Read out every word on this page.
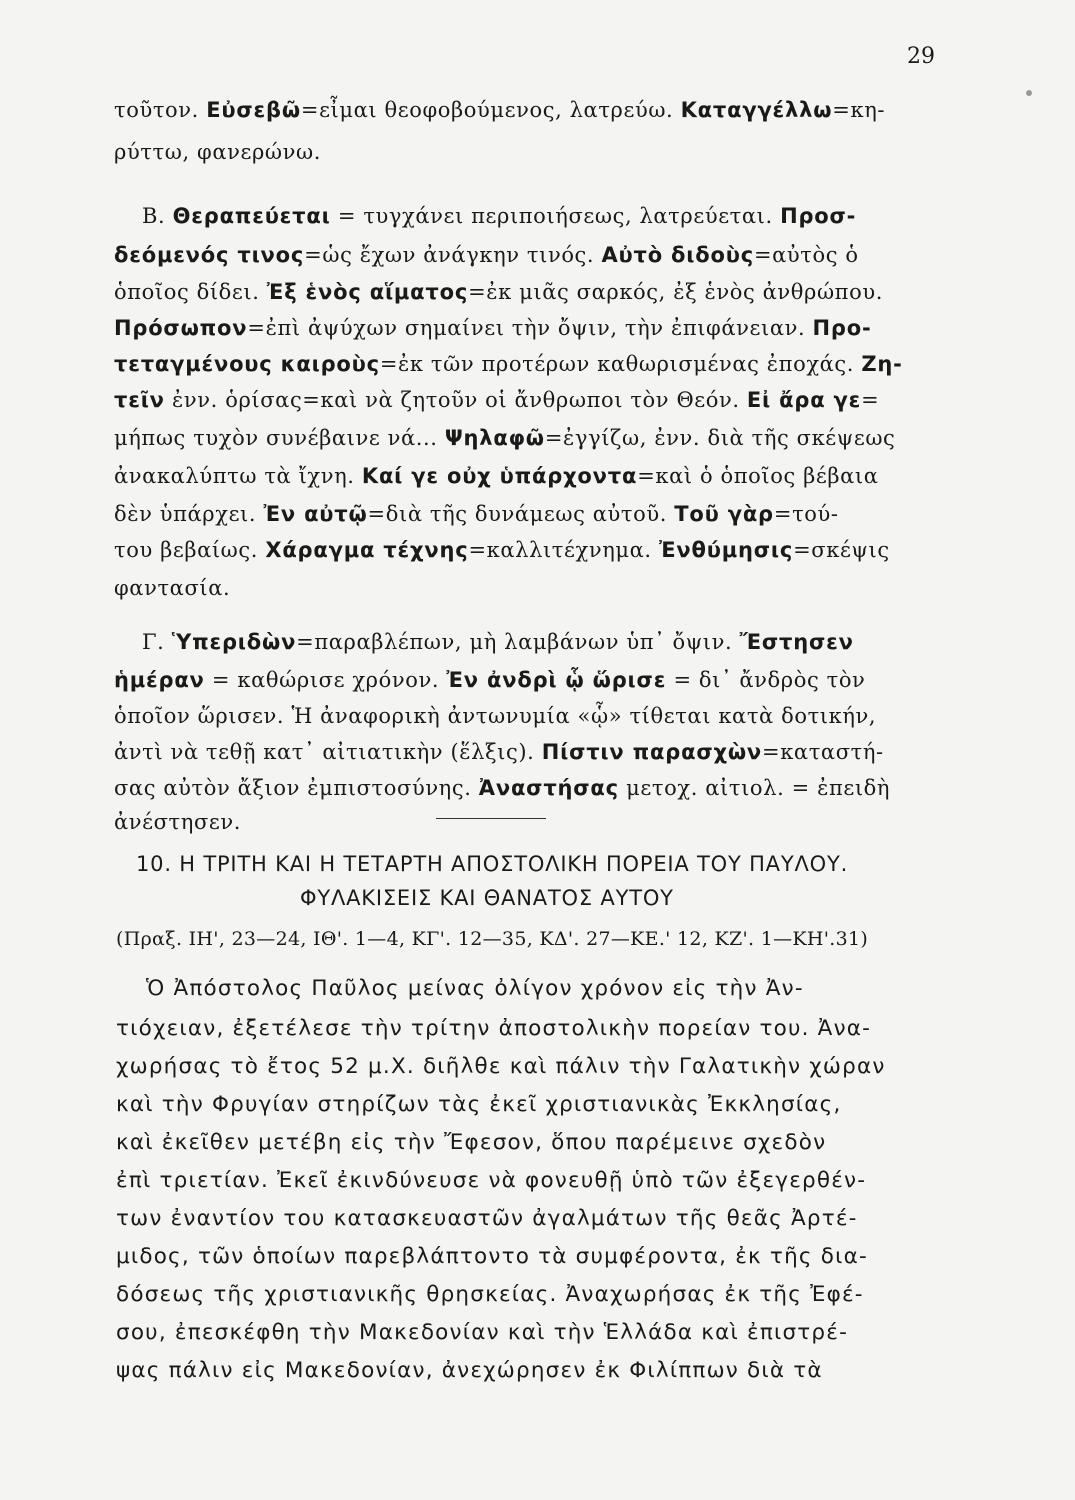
29
τοῦτον. Εὐσεβῶ=εἶμαι θεοφοβούμενος, λατρεύω. Καταγγέλλω=κη-
ρύττω, φανερώνω.
Β. Θεραπεύεται = τυγχάνει περιποιήσεως, λατρεύεται. Προσ-
δεόμενός τινος=ὡς ἔχων ἀνάγκην τινός. Αὐτὸ διδοὺς=αὐτὸς ὁ
ὁποῖος δίδει. Ἐξ ἑνὸς αἵματος=ἐκ μιᾶς σαρκός, ἐξ ἑνὸς ἀνθρώπου.
Πρόσωπον=ἐπὶ ἀψύχων σημαίνει τὴν ὄψιν, τὴν ἐπιφάνειαν. Προ-
τεταγμένους καιροὺς=ἐκ τῶν προτέρων καθωρισμένας ἐποχάς. Ζη-
τεῖν ἐνν. ὁρίσας=καὶ νὰ ζητοῦν οἱ ἄνθρωποι τὸν Θεόν. Εἰ ἄρα γε=
μήπως τυχὸν συνέβαινε νά... Ψηλαφῶ=ἐγγίζω, ἐνν. διὰ τῆς σκέψεως
ἀνακαλύπτω τὰ ἴχνη. Καί γε οὐχ ὑπάρχοντα=καὶ ὁ ὁποῖος βέβαια
δὲν ὑπάρχει. Ἐν αὐτῷ=διὰ τῆς δυνάμεως αὐτοῦ. Τοῦ γὰρ=τού-
του βεβαίως. Χάραγμα τέχνης=καλλιτέχνημα. Ἐνθύμησις=σκέψις
φαντασία.
Γ. Ὑπεριδὼν=παραβλέπων, μὴ λαμβάνων ὑπ᾿ ὄψιν. Ἔστησεν
ἡμέραν = καθώρισε χρόνον. Ἐν ἀνδρὶ ᾧ ὥρισε = δι᾿ ἄνδρὸς τὸν
ὁποῖον ὥρισεν. Ἡ ἀναφορικὴ ἀντωνυμία «ᾧ» τίθεται κατὰ δοτικήν,
ἀντὶ νὰ τεθῇ κατ᾿ αἰτιατικὴν (ἕλξις). Πίστιν παρασχὼν=καταστή-
σας αὐτὸν ἄξιον ἐμπιστοσύνης. Ἀναστήσας μετοχ. αἰτιολ. = ἐπειδὴ
ἀνέστησεν.
10. Η ΤΡΙΤΗ ΚΑΙ Η ΤΕΤΑΡΤΗ ΑΠΟΣΤΟΛΙΚΗ ΠΟΡΕΙΑ ΤΟΥ ΠΑΥΛΟΥ.
ΦΥΛΑΚΙΣΕΙΣ ΚΑΙ ΘΑΝΑΤΟΣ ΑΥΤΟΥ
(Πραξ. ΙΗ', 23—24, ΙΘ'. 1—4, ΚΓ'. 12—35, ΚΔ'. 27—ΚΕ.' 12, ΚΖ'. 1—ΚΗ'.31)
Ὁ Ἀπόστολος Παῦλος μείνας ὀλίγον χρόνον εἰς τὴν Ἀν-
τιόχειαν, ἐξετέλεσε τὴν τρίτην ἀποστολικὴν πορείαν του. Ἀνα-
χωρήσας τὸ ἔτος 52 μ.Χ. διῆλθε καὶ πάλιν τὴν Γαλατικὴν χώραν
καὶ τὴν Φρυγίαν στηρίζων τὰς ἐκεῖ χριστιανικὰς Ἐκκλησίας,
καὶ ἐκεῖθεν μετέβη εἰς τὴν Ἔφεσον, ὅπου παρέμεινε σχεδὸν
ἐπὶ τριετίαν. Ἐκεῖ ἐκινδύνευσε νὰ φονευθῇ ὑπὸ τῶν ἐξεγερθέν-
των ἐναντίον του κατασκευαστῶν ἀγαλμάτων τῆς θεᾶς Ἀρτέ-
μιδος, τῶν ὁποίων παρεβλάπτοντο τὰ συμφέροντα, ἐκ τῆς δια-
δόσεως τῆς χριστιανικῆς θρησκείας. Ἀναχωρήσας ἐκ τῆς Ἐφέ-
σου, ἐπεσκέφθη τὴν Μακεδονίαν καὶ τὴν Ἑλλάδα καὶ ἐπιστρέ-
ψας πάλιν εἰς Μακεδονίαν, ἀνεχώρησεν ἐκ Φιλίππων διὰ τὰ
